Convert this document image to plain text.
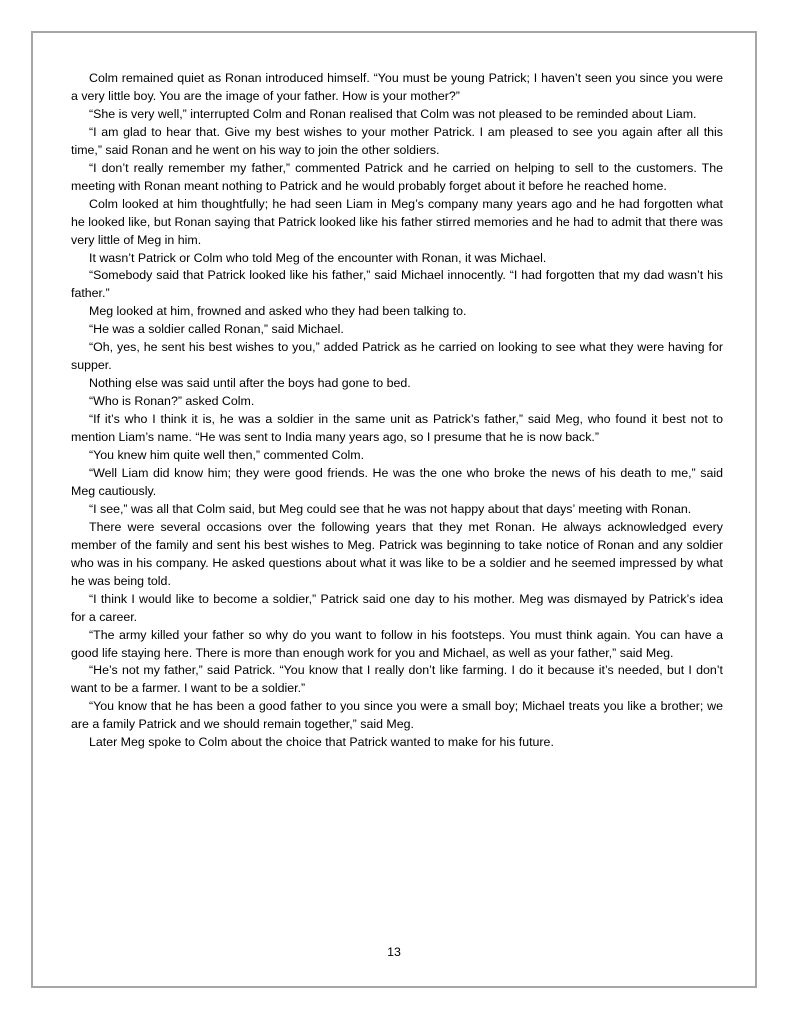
Colm remained quiet as Ronan introduced himself. “You must be young Patrick; I haven’t seen you since you were a very little boy. You are the image of your father. How is your mother?”

“She is very well,” interrupted Colm and Ronan realised that Colm was not pleased to be reminded about Liam.

“I am glad to hear that. Give my best wishes to your mother Patrick. I am pleased to see you again after all this time,” said Ronan and he went on his way to join the other soldiers.

“I don’t really remember my father,” commented Patrick and he carried on helping to sell to the customers. The meeting with Ronan meant nothing to Patrick and he would probably forget about it before he reached home.

Colm looked at him thoughtfully; he had seen Liam in Meg’s company many years ago and he had forgotten what he looked like, but Ronan saying that Patrick looked like his father stirred memories and he had to admit that there was very little of Meg in him.

It wasn’t Patrick or Colm who told Meg of the encounter with Ronan, it was Michael.

“Somebody said that Patrick looked like his father,” said Michael innocently. “I had forgotten that my dad wasn’t his father.”

Meg looked at him, frowned and asked who they had been talking to.

“He was a soldier called Ronan,” said Michael.

“Oh, yes, he sent his best wishes to you,” added Patrick as he carried on looking to see what they were having for supper.

Nothing else was said until after the boys had gone to bed.

“Who is Ronan?” asked Colm.

“If it’s who I think it is, he was a soldier in the same unit as Patrick’s father,” said Meg, who found it best not to mention Liam’s name. “He was sent to India many years ago, so I presume that he is now back.”

“You knew him quite well then,” commented Colm.

“Well Liam did know him; they were good friends. He was the one who broke the news of his death to me,” said Meg cautiously.

“I see,” was all that Colm said, but Meg could see that he was not happy about that days’ meeting with Ronan.

There were several occasions over the following years that they met Ronan. He always acknowledged every member of the family and sent his best wishes to Meg. Patrick was beginning to take notice of Ronan and any soldier who was in his company. He asked questions about what it was like to be a soldier and he seemed impressed by what he was being told.

“I think I would like to become a soldier,” Patrick said one day to his mother. Meg was dismayed by Patrick’s idea for a career.

“The army killed your father so why do you want to follow in his footsteps. You must think again. You can have a good life staying here. There is more than enough work for you and Michael, as well as your father,” said Meg.

“He’s not my father,” said Patrick. “You know that I really don’t like farming. I do it because it’s needed, but I don’t want to be a farmer. I want to be a soldier.”

“You know that he has been a good father to you since you were a small boy; Michael treats you like a brother; we are a family Patrick and we should remain together,” said Meg.

Later Meg spoke to Colm about the choice that Patrick wanted to make for his future.

13
